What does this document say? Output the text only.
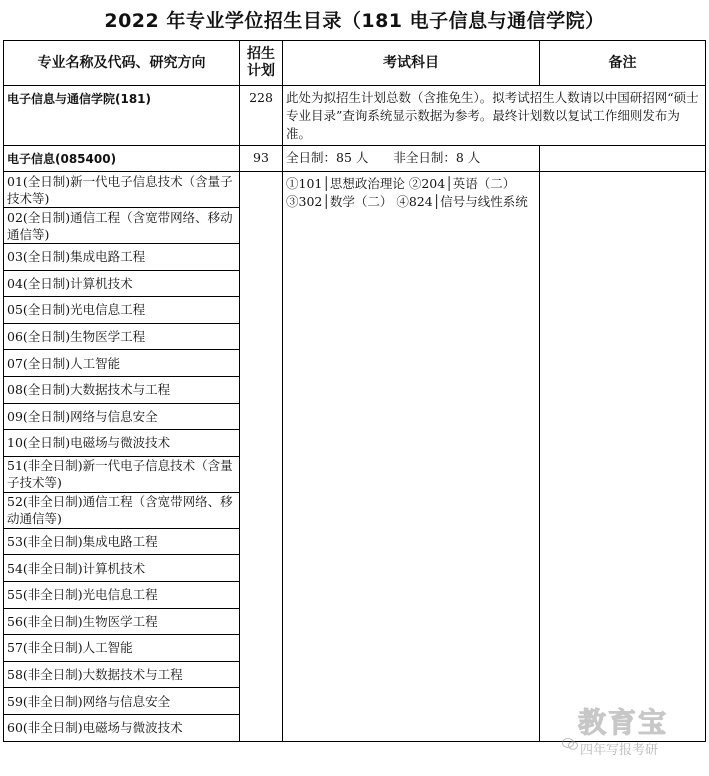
2022 年专业学位招生目录（181 电子信息与通信学院）
专业名称及代码、研究方向	招生
计划	考试科目	备注
电子信息与通信学院(181)	228	此处为拟招生计划总数（含推免生）。拟考试招生人数请以中国研招网“硕士专业目录”查询系统显示数据为参考。最终计划数以复试工作细则发布为准。	
电子信息(085400)	93	全日制：85 人　　非全日制：8 人	
01(全日制)新一代电子信息技术（含量子技术等)		①101│思想政治理论 ②204│英语（二）
③302│数学（二） ④824│信号与线性系统	

02(全日制)通信工程（含宽带网络、移动通信等)			
03(全日制)集成电路工程			
04(全日制)计算机技术			
05(全日制)光电信息工程			
06(全日制)生物医学工程			
07(全日制)人工智能			
08(全日制)大数据技术与工程			
09(全日制)网络与信息安全			
10(全日制)电磁场与微波技术			
51(非全日制)新一代电子信息技术（含量子技术等)			
52(非全日制)通信工程（含宽带网络、移动通信等)			
53(非全日制)集成电路工程			
54(非全日制)计算机技术			
55(非全日制)光电信息工程			
56(非全日制)生物医学工程			
57(非全日制)人工智能			
58(非全日制)大数据技术与工程			
59(非全日制)网络与信息安全			
60(非全日制)电磁场与微波技术				教育宝
四年写报考研
